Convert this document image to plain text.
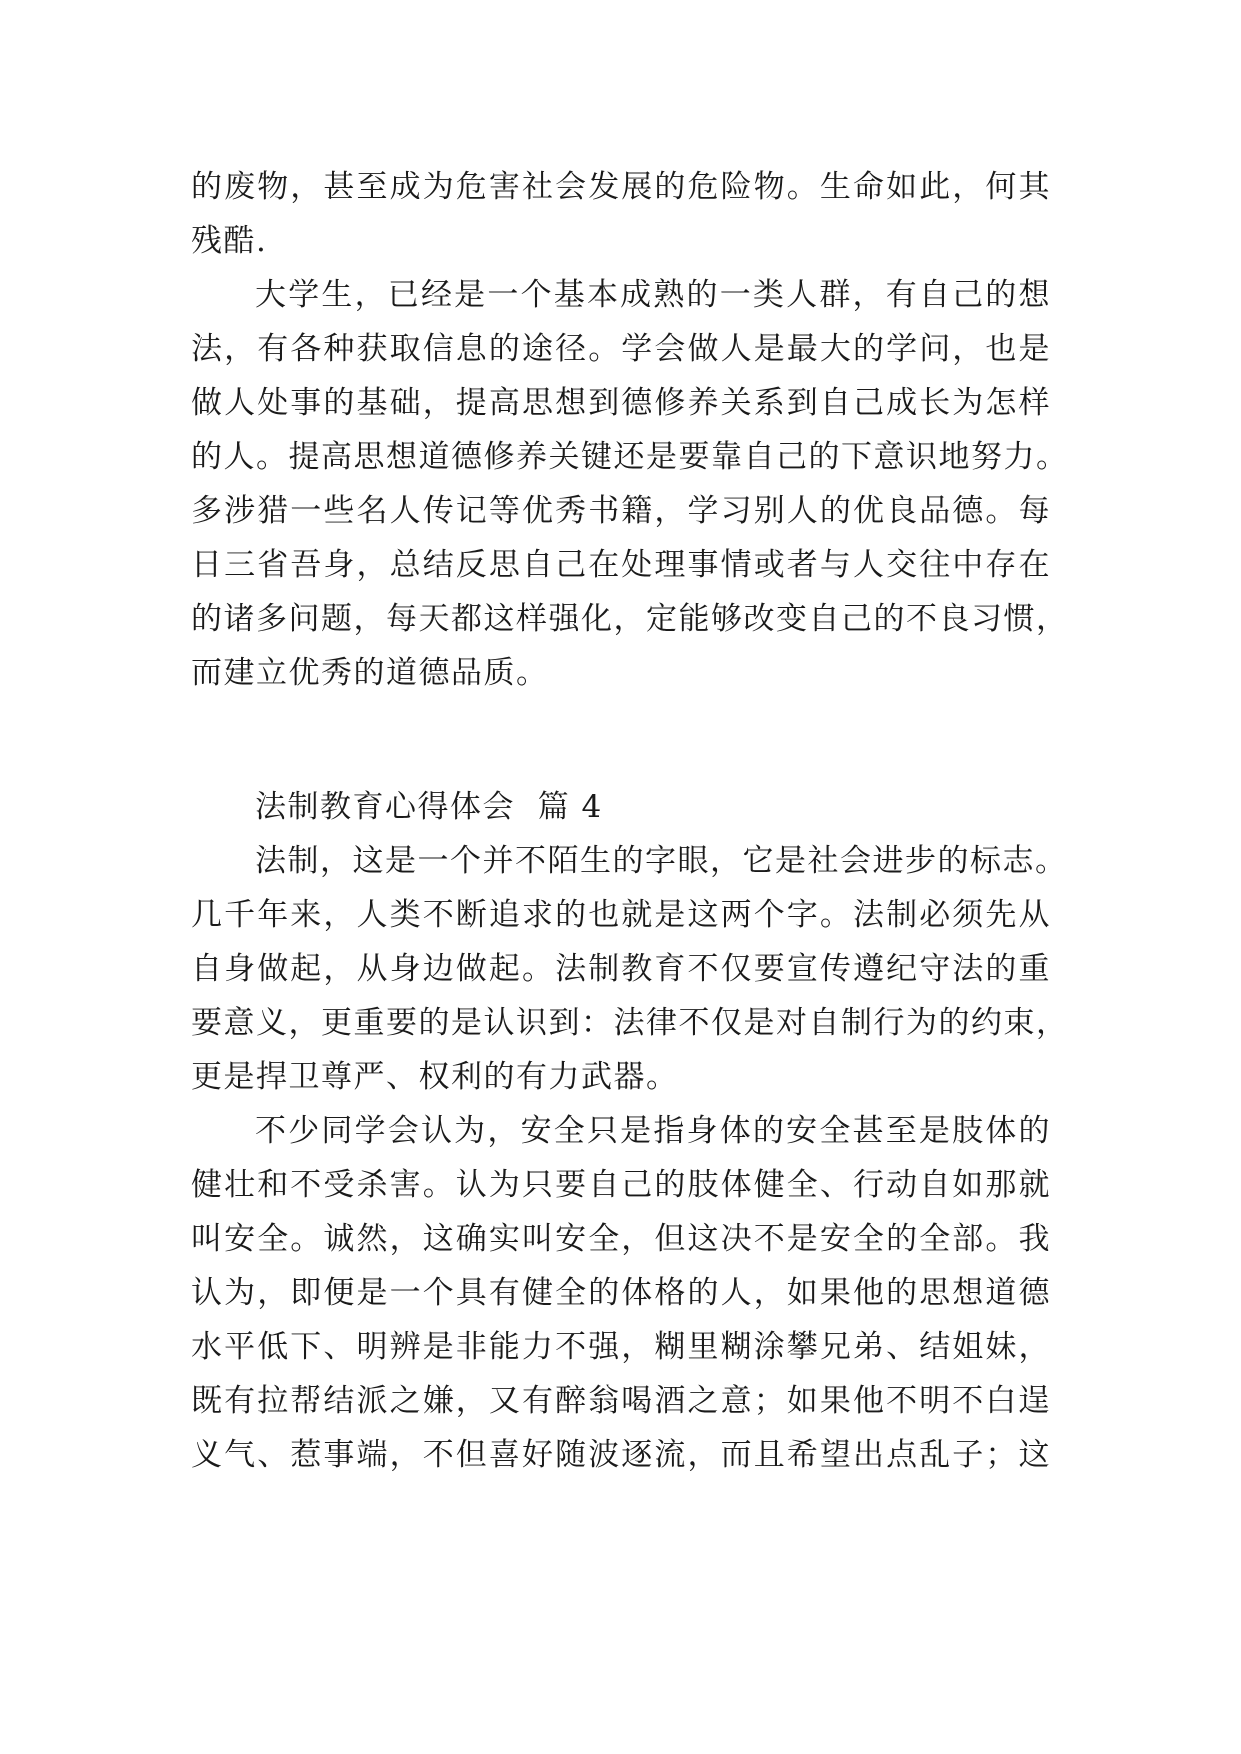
的废物，甚至成为危害社会发展的危险物。生命如此，何其
残酷.
大学生，已经是一个基本成熟的一类人群，有自己的想
法，有各种获取信息的途径。学会做人是最大的学问，也是
做人处事的基础，提高思想到德修养关系到自己成长为怎样
的人。提高思想道德修养关键还是要靠自己的下意识地努力。
多涉猎一些名人传记等优秀书籍，学习别人的优良品德。每
日三省吾身，总结反思自己在处理事情或者与人交往中存在
的诸多问题，每天都这样强化，定能够改变自己的不良习惯，
而建立优秀的道德品质。
法制教育心得体会  篇 4
法制，这是一个并不陌生的字眼，它是社会进步的标志。
几千年来，人类不断追求的也就是这两个字。法制必须先从
自身做起，从身边做起。法制教育不仅要宣传遵纪守法的重
要意义，更重要的是认识到：法律不仅是对自制行为的约束，
更是捍卫尊严、权利的有力武器。
不少同学会认为，安全只是指身体的安全甚至是肢体的
健壮和不受杀害。认为只要自己的肢体健全、行动自如那就
叫安全。诚然，这确实叫安全，但这决不是安全的全部。我
认为，即便是一个具有健全的体格的人，如果他的思想道德
水平低下、明辨是非能力不强，糊里糊涂攀兄弟、结姐妹，
既有拉帮结派之嫌，又有醉翁喝酒之意；如果他不明不白逞
义气、惹事端，不但喜好随波逐流，而且希望出点乱子；这
